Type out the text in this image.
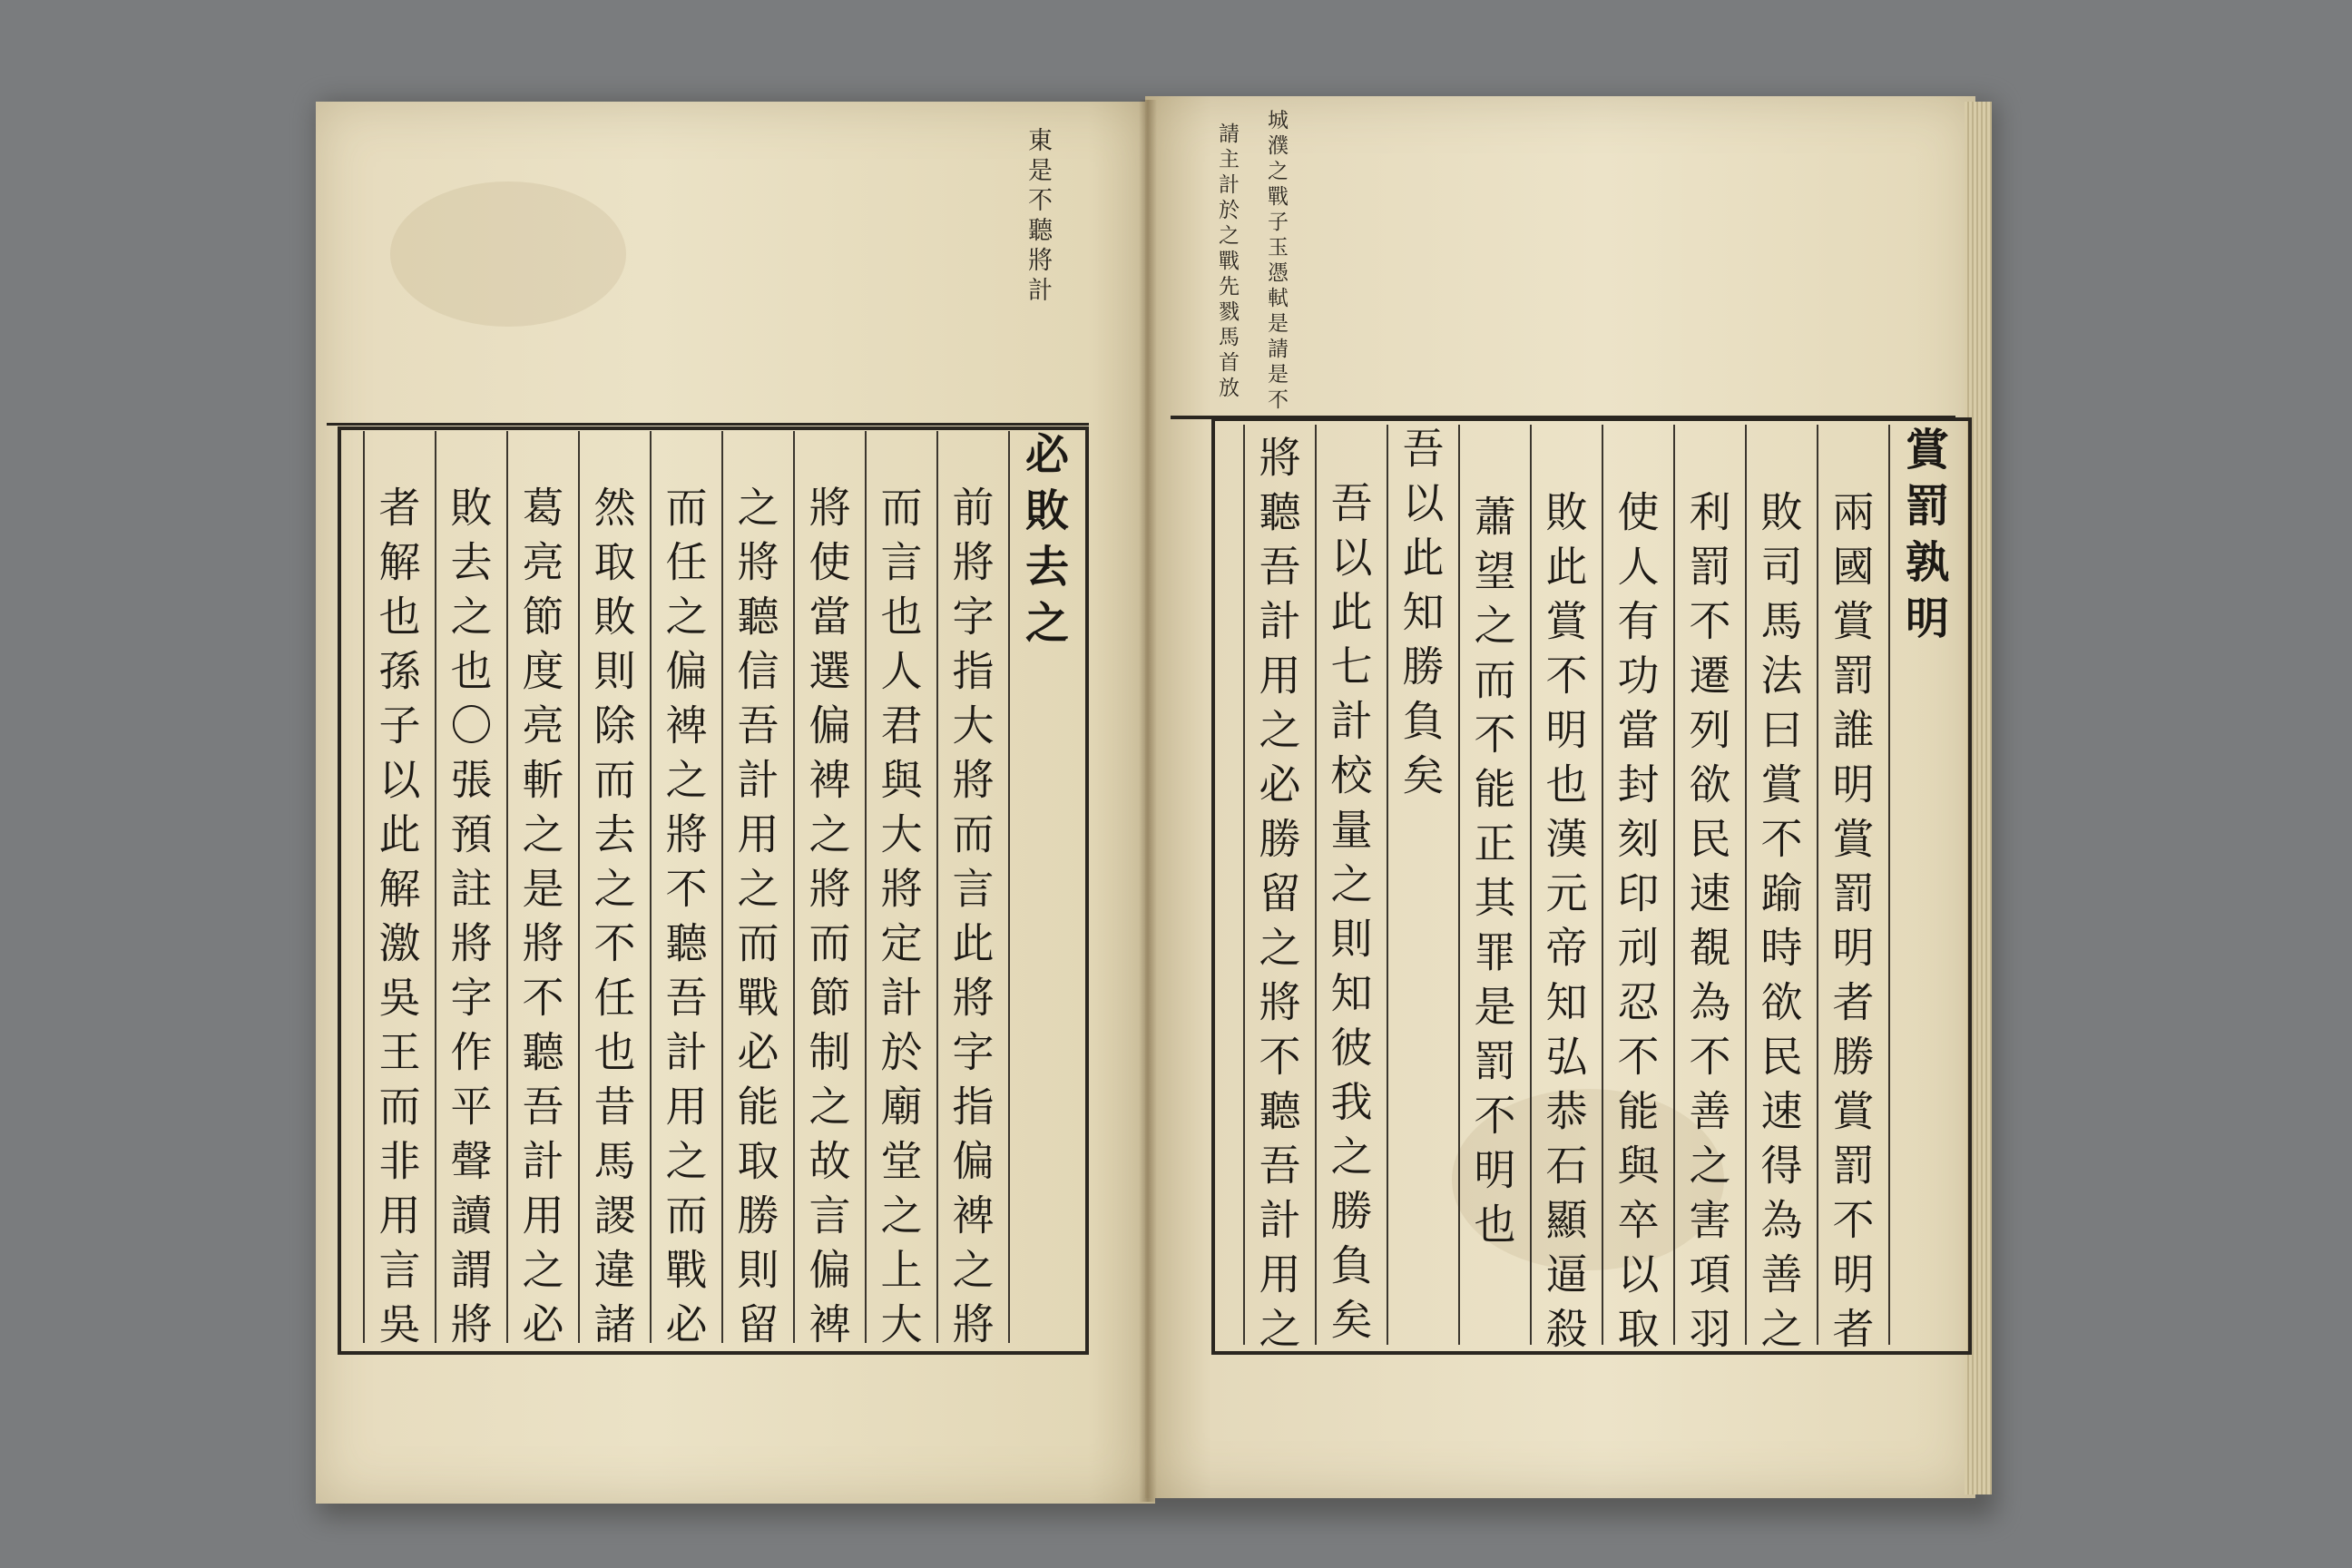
東是不聽將計	城濮之戰子玉憑軾是請是不
請主計於之戰先戮馬首放
必敗去之
前將字指大將而言此將字指偏裨之將
而言也人君與大將定計於廟堂之上大
將使當選偏裨之將而節制之故言偏裨
之將聽信吾計用之而戰必能取勝則留
而任之偏裨之將不聽吾計用之而戰必
然取敗則除而去之不任也昔馬謖違諸
葛亮節度亮斬之是將不聽吾計用之必
敗去之也〇張預註將字作平聲讀謂將
者解也孫子以此解激吳王而非用言吳	賞罰孰明
兩國賞罰誰明賞罰明者勝賞罰不明者
敗司馬法曰賞不踰時欲民速得為善之
利罰不遷列欲民速覩為不善之害項羽
使人有功當封刻印刓忍不能與卒以取
敗此賞不明也漢元帝知弘恭石顯逼殺
蕭望之而不能正其罪是罰不明也
吾以此知勝負矣
吾以此七計校量之則知彼我之勝負矣
將聽吾計用之必勝留之將不聽吾計用之
